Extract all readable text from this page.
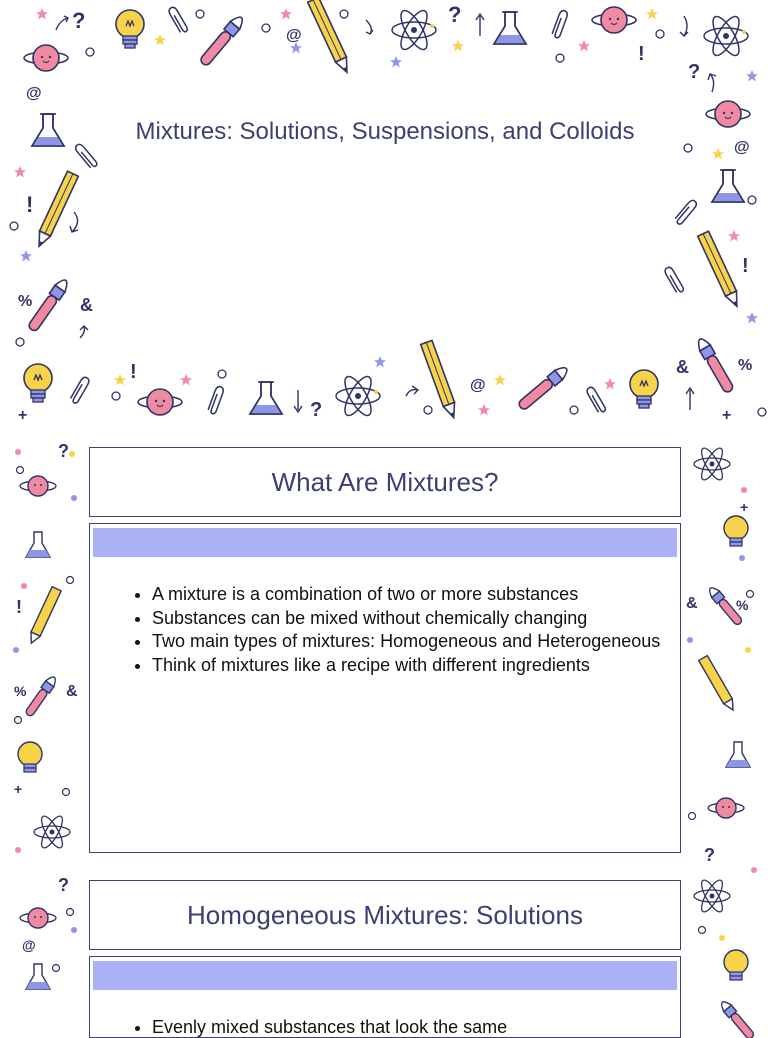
?	?
?
?
!
!
!
!
@
@
@
@
%
%
&
&
+	+
Mixtures: Solutions, Suspensions, and Colloids
?
!
% &
+
&	%
+
?
?
@
What Are Mixtures?
• A mixture is a combination of two or more substances
• Substances can be mixed without chemically changing
• Two main types of mixtures: Homogeneous and Heterogeneous
• Think of mixtures like a recipe with different ingredients
Homogeneous Mixtures: Solutions
• Evenly mixed substances that look the same
